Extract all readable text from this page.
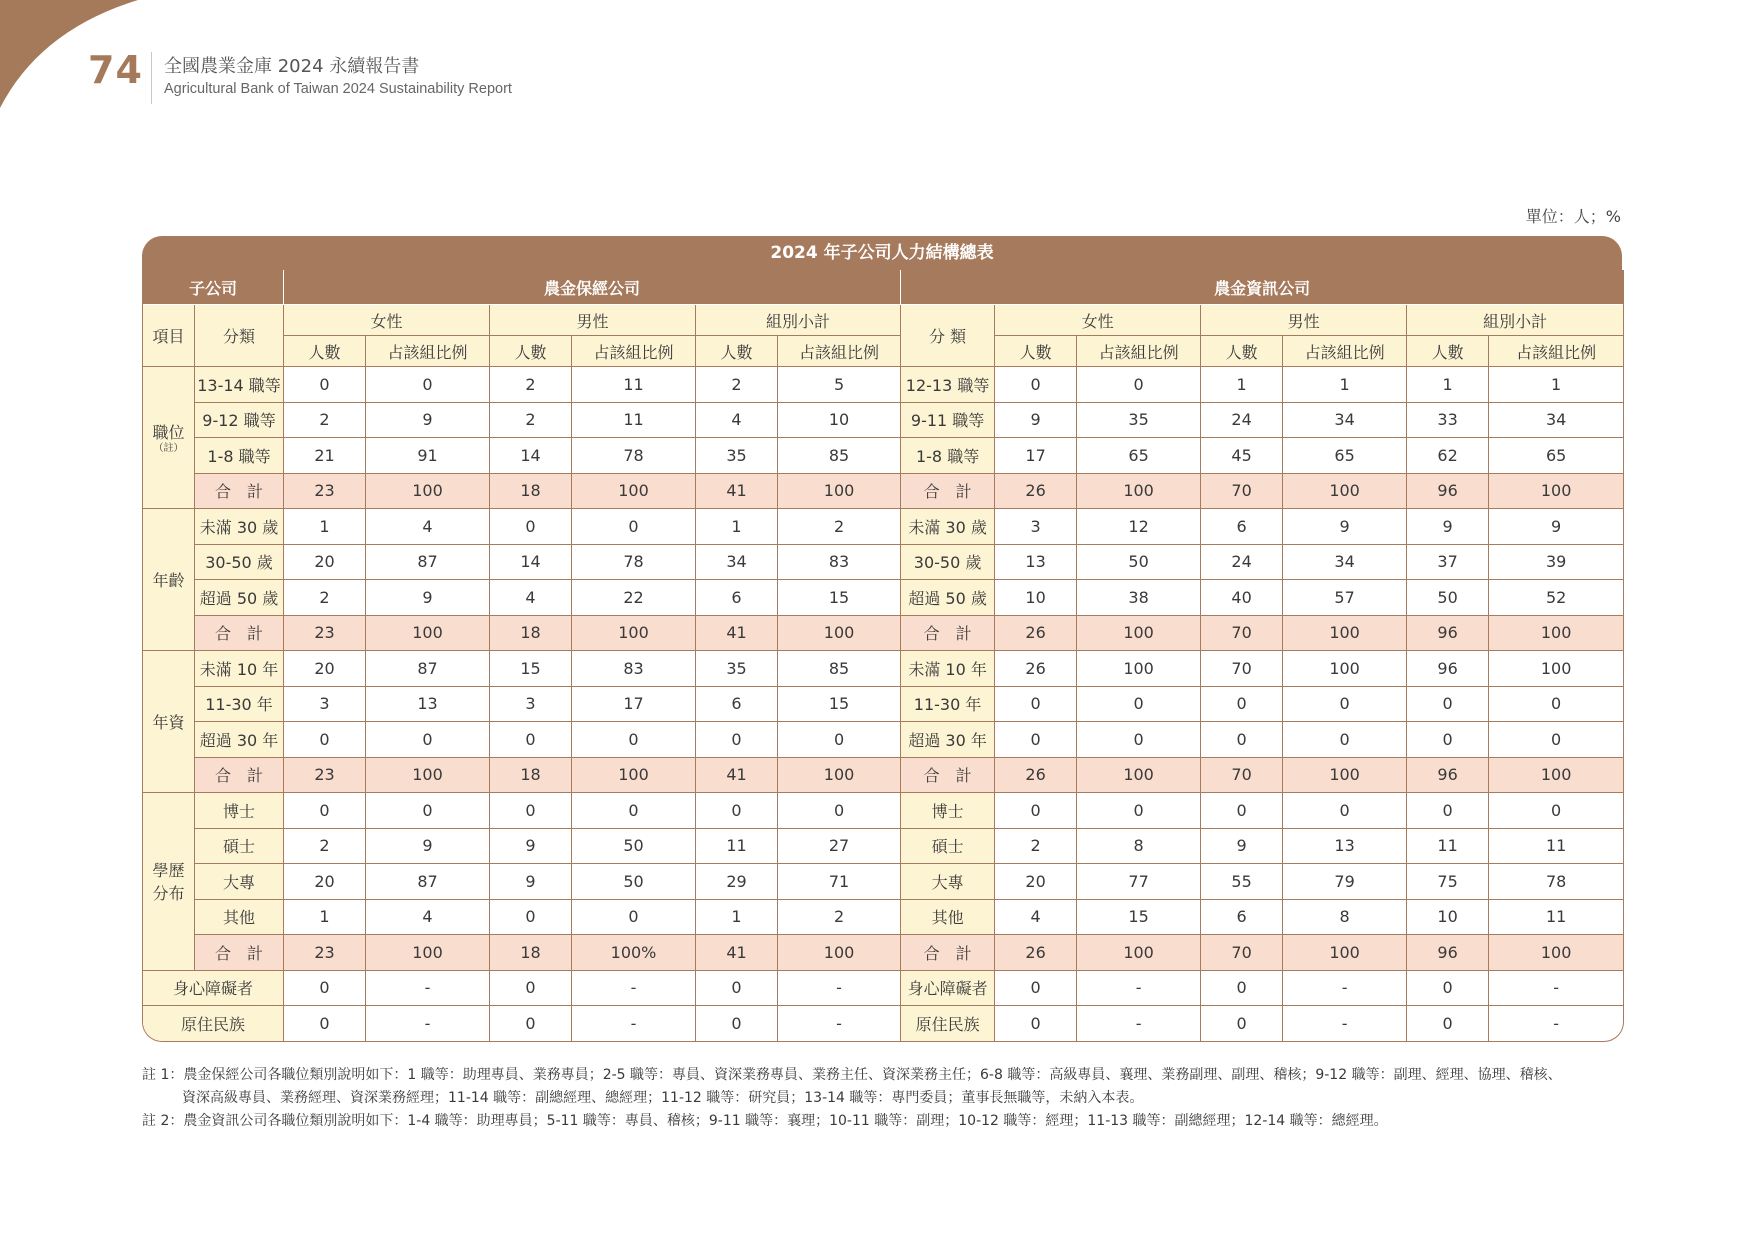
74 全國農業金庫 2024 永續報告書
Agricultural Bank of Taiwan 2024 Sustainability Report
單位：人；%
2024 年子公司人力結構總表
子公司		農金保經公司						農金資訊公司						
項目	分類	女性		男性		組別小計		分 類	女性		男性		組別小計	
		人數	占該組比例	人數	占該組比例	人數	占該組比例		人數	占該組比例	人數	占該組比例	人數	占該組比例

職位
（註）	13-14 職等	0	0	2	11	2	5	12-13 職等	0	0	1	1	1	1
	9-12 職等	2	9	2	11	4	10	9-11 職等	9	35	24	34	33	34
	1-8 職等	21	91	14	78	35	85	1-8 職等	17	65	45	65	62	65
	合　計	23	100	18	100	41	100	合　計	26	100	70	100	96	100

年齡	未滿 30 歲	1	4	0	0	1	2	未滿 30 歲	3	12	6	9	9	9
	30-50 歲	20	87	14	78	34	83	30-50 歲	13	50	24	34	37	39
	超過 50 歲	2	9	4	22	6	15	超過 50 歲	10	38	40	57	50	52
	合　計	23	100	18	100	41	100	合　計	26	100	70	100	96	100

年資	未滿 10 年	20	87	15	83	35	85	未滿 10 年	26	100	70	100	96	100
	11-30 年	3	13	3	17	6	15	11-30 年	0	0	0	0	0	0
	超過 30 年	0	0	0	0	0	0	超過 30 年	0	0	0	0	0	0
	合　計	23	100	18	100	41	100	合　計	26	100	70	100	96	100

學歷
分布	博士	0	0	0	0	0	0	博士	0	0	0	0	0	0
	碩士	2	9	9	50	11	27	碩士	2	8	9	13	11	11
	大專	20	87	9	50	29	71	大專	20	77	55	79	75	78
	其他	1	4	0	0	1	2	其他	4	15	6	8	10	11
	合　計	23	100	18	100%	41	100	合　計	26	100	70	100	96	100
身心障礙者		0	-	0	-	0	-	身心障礙者	0	-	0	-	0	-
原住民族		0	-	0	-	0	-	原住民族	0	-	0	-	0	-
註 1：農金保經公司各職位類別說明如下：1 職等：助理專員、業務專員；2-5 職等：專員、資深業務專員、業務主任、資深業務主任；6-8 職等：高級專員、襄理、業務副理、副理、稽核；9-12 職等：副理、經理、協理、稽核、
資深高級專員、業務經理、資深業務經理；11-14 職等：副總經理、總經理；11-12 職等：研究員；13-14 職等：專門委員；董事長無職等，未納入本表。
註 2：農金資訊公司各職位類別說明如下：1-4 職等：助理專員；5-11 職等：專員、稽核；9-11 職等：襄理；10-11 職等：副理；10-12 職等：經理；11-13 職等：副總經理；12-14 職等：總經理。
